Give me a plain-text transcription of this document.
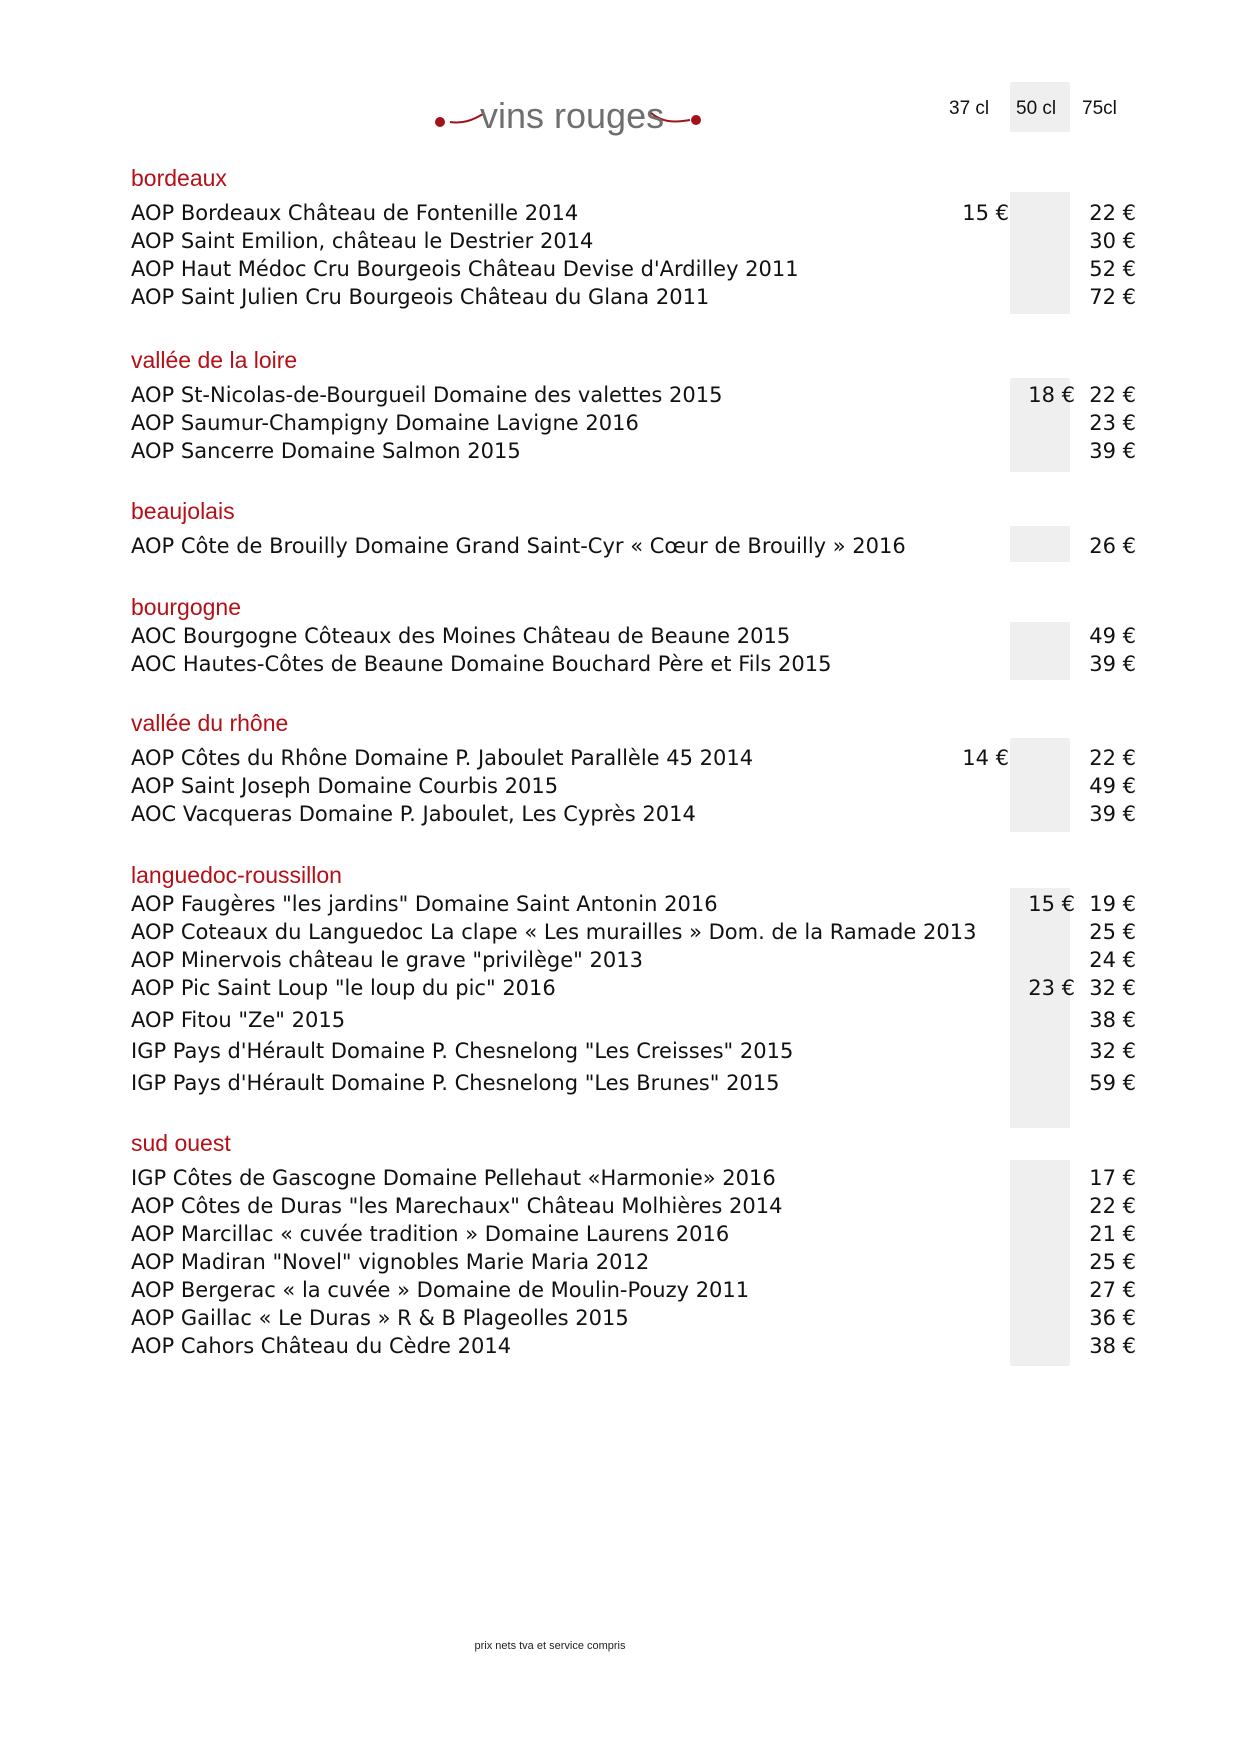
vins rouges	37 cl 50 cl 75cl
bordeaux
AOP Bordeaux Château de Fontenille 2014	15 €	22 €
AOP Saint Emilion, château le Destrier 2014	30 €
AOP Haut Médoc Cru Bourgeois Château Devise d'Ardilley 2011	52 €
AOP Saint Julien Cru Bourgeois Château du Glana 2011	72 €
vallée de la loire
AOP St-Nicolas-de-Bourgueil Domaine des valettes 2015	18 € 22 €
AOP Saumur-Champigny Domaine Lavigne 2016	23 €
AOP Sancerre Domaine Salmon 2015	39 €
beaujolais
AOP Côte de Brouilly Domaine Grand Saint-Cyr « Cœur de Brouilly » 2016	26 €
bourgogne
AOC Bourgogne Côteaux des Moines Château de Beaune 2015	49 €
AOC Hautes-Côtes de Beaune Domaine Bouchard Père et Fils 2015	39 €
vallée du rhône
AOP Côtes du Rhône Domaine P. Jaboulet Parallèle 45 2014	14 €	22 €
AOP Saint Joseph Domaine Courbis 2015	49 €
AOC Vacqueras Domaine P. Jaboulet, Les Cyprès 2014	39 €
languedoc-roussillon
AOP Faugères "les jardins" Domaine Saint Antonin 2016	15 € 19 €
AOP Coteaux du Languedoc La clape « Les murailles » Dom. de la Ramade 2013	25 €
AOP Minervois château le grave "privilège" 2013	24 €
AOP Pic Saint Loup "le loup du pic" 2016	23 € 32 €
AOP Fitou "Ze" 2015	38 €
IGP Pays d'Hérault Domaine P. Chesnelong "Les Creisses" 2015	32 €
IGP Pays d'Hérault Domaine P. Chesnelong "Les Brunes" 2015	59 €
sud ouest
IGP Côtes de Gascogne Domaine Pellehaut «Harmonie» 2016	17 €
AOP Côtes de Duras "les Marechaux" Château Molhières 2014	22 €
AOP Marcillac « cuvée tradition » Domaine Laurens 2016	21 €
AOP Madiran "Novel" vignobles Marie Maria 2012	25 €
AOP Bergerac « la cuvée » Domaine de Moulin-Pouzy 2011	27 €
AOP Gaillac « Le Duras » R & B Plageolles 2015	36 €
AOP Cahors Château du Cèdre 2014	38 €
prix nets tva et service compris
